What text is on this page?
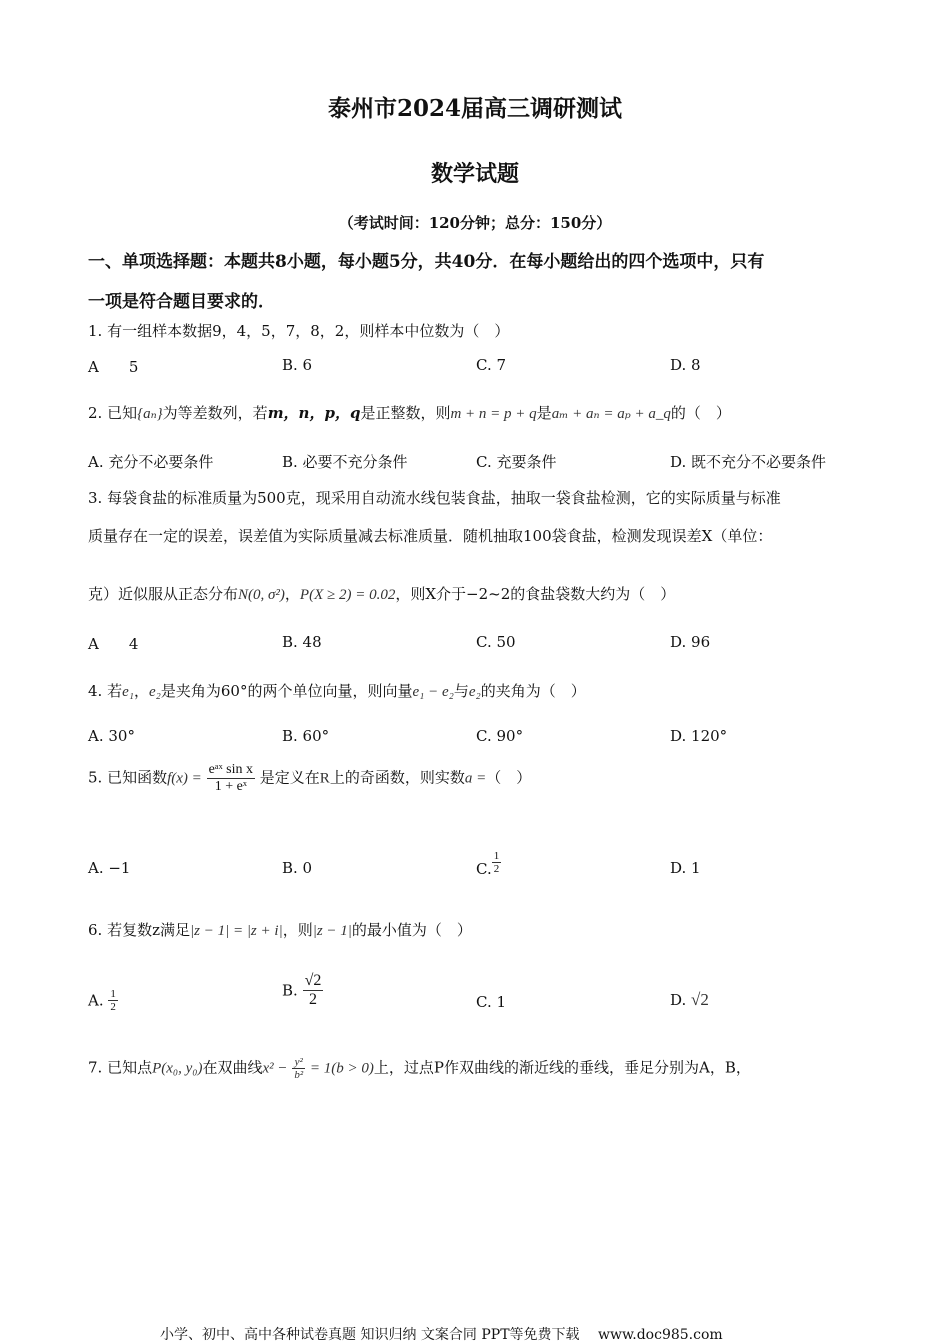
泰州市2024届高三调研测试
数学试题
（考试时间：120分钟；总分：150分）
一、单项选择题：本题共8小题，每小题5分，共40分．在每小题给出的四个选项中，只有
一项是符合题目要求的．
1. 有一组样本数据9，4，5，7，8，2，则样本中位数为（　）
A　　5	B. 6	C. 7	D. 8
2. 已知{aₙ}为等差数列，若m，n，p，q是正整数，则m + n = p + q是aₘ + aₙ = aₚ + a_q的（　）
A. 充分不必要条件	B. 必要不充分条件	C. 充要条件	D. 既不充分不必要条件
3. 每袋食盐的标准质量为500克，现采用自动流水线包装食盐，抽取一袋食盐检测，它的实际质量与标准
质量存在一定的误差，误差值为实际质量减去标准质量．随机抽取100袋食盐，检测发现误差X（单位：
克）近似服从正态分布N(0, σ²)，P(X ≥ 2) = 0.02，则X介于−2~2的食盐袋数大约为（　）
A　　4	B. 48	C. 50	D. 96
4. 若e₁，e₂是夹角为60°的两个单位向量，则向量e₁ − e₂与e₂的夹角为（　）
A. 30°	B. 60°	C. 90°	D. 120°
5. 已知函数$f(x) = \frac{\text{eᵃˣ sin x}}{\text{1 + eˣ}}$ 是定义在R上的奇函数，则实数a =（　）
A. −1	B. 0	C. $\frac{1}{2}$	D. 1
6. 若复数z满足|z − 1| = |z + i|，则|z − 1|的最小值为（　）
A. $\frac{1}{2}$	B. $\frac{√2}{2}$	C. 1	D. √2
7. 已知点P(x₀, y₀)在双曲线$x^2 - \frac{\text{y²}}{\text{b²}} = 1(b > 0)$上，过点P作双曲线的渐近线的垂线，垂足分别为A，B，
小学、初中、高中各种试卷真题 知识归纳 文案合同 PPT等免费下载　 www.doc985.com
